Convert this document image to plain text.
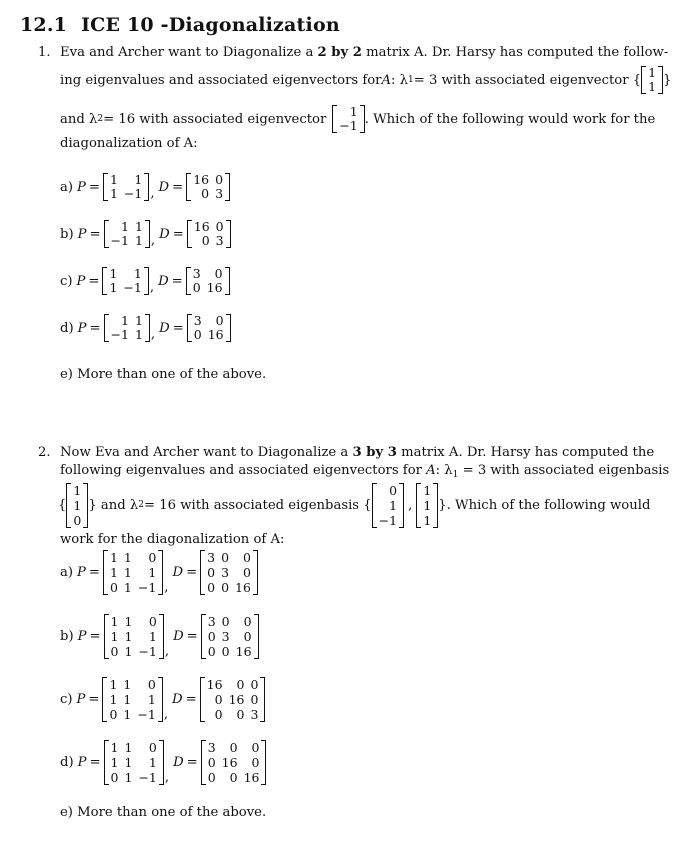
12.1 ICE 10 -Diagonalization
1. Eva and Archer want to Diagonalize a 2 by 2 matrix A. Dr. Harsy has computed the follow-
ing eigenvalues and associated eigenvectors for A : λ 1 = 3 with associated eigenvector { 1
1 }
and λ 2 = 16 with associated eigenvector 1
−1 . Which of the following would work for the
diagonalization of A:
a) P = 1	1
1	−1 , D = 16	0
0	3
b) P = 1	1
−1	1 , D = 16	0
0	3
c) P = 1	1
1	−1 , D = 3	0
0	16
d) P = 1	1
−1	1 , D = 3	0
0	16
e) More than one of the above.
2. Now Eva and Archer want to Diagonalize a 3 by 3 matrix A. Dr. Harsy has computed the
following eigenvalues and associated eigenvectors for A: $\lambda_1 = 3$ with associated eigenbasis
{
1
1
0
} and λ 2 = 16 with associated eigenbasis {
0
1
−1
,
1
1
1
}. Which of the following would
work for the diagonalization of A:
a) P =
1	1	0
1	1	1
0	1	−1 ,
D =
3	0	0
0	3	0
0	0	16
b) P =
1	1	0
1	1	1
0	1	−1 ,
D =
3	0	0
0	3	0
0	0	16
c) P =
1	1	0
1	1	1
0	1	−1 ,
D =
16	0	0
0	16	0
0	0	3
d) P =
1	1	0
1	1	1
0	1	−1 ,
D =
3	0	0
0	16	0
0	0	16
e) More than one of the above.
